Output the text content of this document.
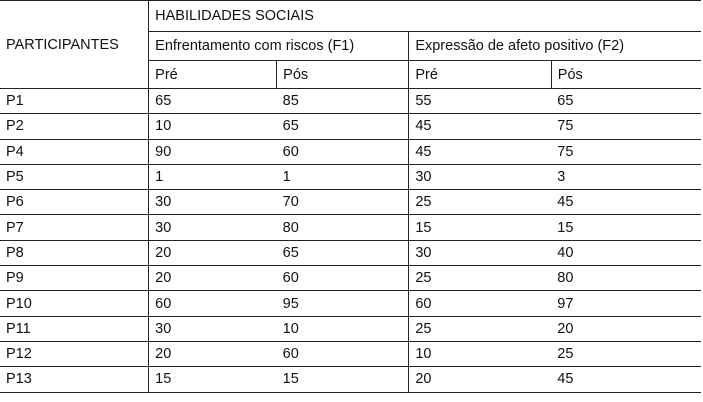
PARTICIPANTES	HABILIDADES SOCIAIS			
	Enfrentamento com riscos (F1)		Expressão de afeto positivo (F2)	
	Pré	Pós	Pré	Pós
P1	65	85	55	65
P2	10	65	45	75
P4	90	60	45	75
P5	1	1	30	3
P6	30	70	25	45
P7	30	80	15	15
P8	20	65	30	40
P9	20	60	25	80
P10	60	95	60	97
P11	30	10	25	20
P12	20	60	10	25
P13	15	15	20	45
